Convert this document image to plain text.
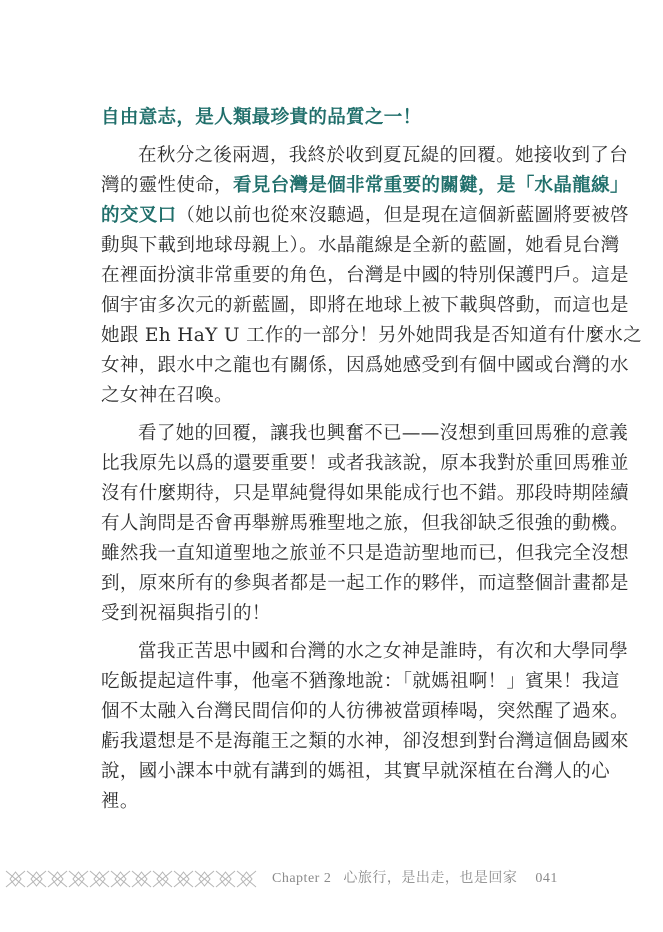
自由意志，是人類最珍貴的品質之一！
在秋分之後兩週，我終於收到夏瓦緹的回覆。她接收到了台
灣的靈性使命，看見台灣是個非常重要的關鍵，是「水晶龍線」
的交叉口（她以前也從來沒聽過，但是現在這個新藍圖將要被啓
動與下載到地球母親上）。水晶龍線是全新的藍圖，她看見台灣
在裡面扮演非常重要的角色，台灣是中國的特別保護門戶。這是
個宇宙多次元的新藍圖，即將在地球上被下載與啓動，而這也是
她跟 Eh HaY U 工作的一部分！另外她問我是否知道有什麼水之
女神，跟水中之龍也有關係，因爲她感受到有個中國或台灣的水
之女神在召喚。
看了她的回覆，讓我也興奮不已——沒想到重回馬雅的意義
比我原先以爲的還要重要！或者我該說，原本我對於重回馬雅並
沒有什麼期待，只是單純覺得如果能成行也不錯。那段時期陸續
有人詢問是否會再舉辦馬雅聖地之旅，但我卻缺乏很強的動機。
雖然我一直知道聖地之旅並不只是造訪聖地而已，但我完全沒想
到，原來所有的參與者都是一起工作的夥伴，而這整個計畫都是
受到祝福與指引的！
當我正苦思中國和台灣的水之女神是誰時，有次和大學同學
吃飯提起這件事，他毫不猶豫地說：「就媽祖啊！」賓果！我這
個不太融入台灣民間信仰的人彷彿被當頭棒喝，突然醒了過來。
虧我還想是不是海龍王之類的水神，卻沒想到對台灣這個島國來
說，國小課本中就有講到的媽祖，其實早就深植在台灣人的心
裡。
Chapter 2 心旅行，是出走，也是回家 041
